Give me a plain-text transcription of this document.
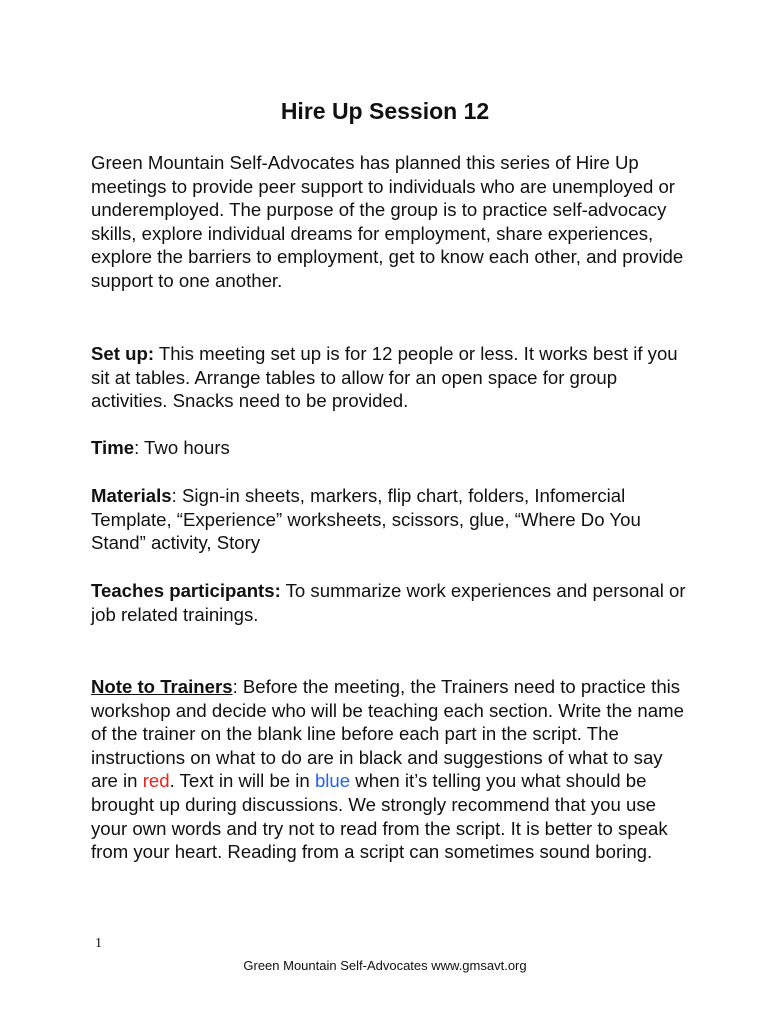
Hire Up Session 12

Green Mountain Self-Advocates has planned this series of Hire Up meetings to provide peer support to individuals who are unemployed or underemployed. The purpose of the group is to practice self-advocacy skills, explore individual dreams for employment, share experiences, explore the barriers to employment, get to know each other, and provide support to one another.

Set up: This meeting set up is for 12 people or less. It works best if you sit at tables. Arrange tables to allow for an open space for group activities. Snacks need to be provided.

Time: Two hours

Materials: Sign-in sheets, markers, flip chart, folders, Infomercial Template, “Experience” worksheets, scissors, glue, “Where Do You Stand” activity, Story

Teaches participants: To summarize work experiences and personal or job related trainings.

Note to Trainers: Before the meeting, the Trainers need to practice this workshop and decide who will be teaching each section. Write the name of the trainer on the blank line before each part in the script. The instructions on what to do are in black and suggestions of what to say are in red. Text in will be in blue when it’s telling you what should be brought up during discussions. We strongly recommend that you use your own words and try not to read from the script. It is better to speak from your heart. Reading from a script can sometimes sound boring.

1
Green Mountain Self-Advocates www.gmsavt.org
